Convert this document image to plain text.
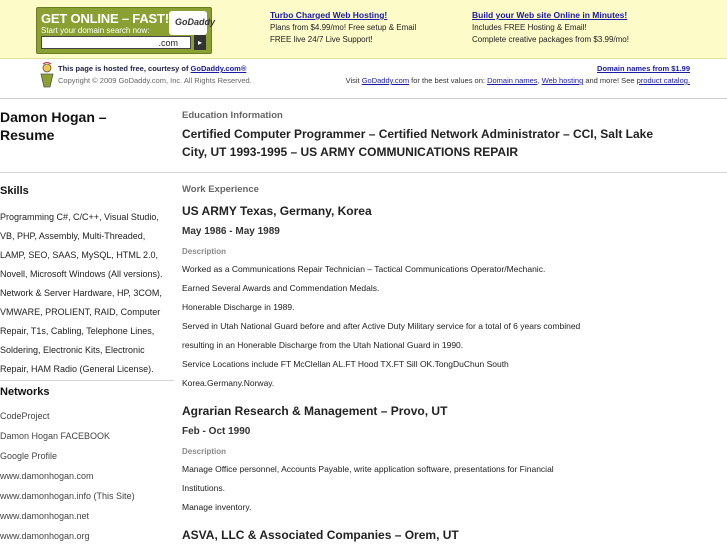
GET ONLINE – FAST!
Start your domain search now:
GoDaddy
.com	▸
Turbo Charged Web Hosting!
Plans from $4.99/mo! Free setup & Email
FREE live 24/7 Live Support!
Build your Web site Online in Minutes!
Includes FREE Hosting & Email!
Complete creative packages from $3.99/mo!
This page is hosted free, courtesy of GoDaddy.com®
Copyright © 2009 GoDaddy.com, Inc. All Rights Reserved.
Domain names from $1.99
Visit GoDaddy.com for the best values on: Domain names, Web hosting and more! See product catalog.
Damon Hogan –
Resume
Skills
Programming C#, C/C++, Visual Studio,
VB, PHP, Assembly, Multi-Threaded,
LAMP, SEO, SAAS, MySQL, HTML 2.0,
Novell, Microsoft Windows (All versions).
Network & Server Hardware, HP, 3COM,
VMWARE, PROLIENT, RAID, Computer
Repair, T1s, Cabling, Telephone Lines,
Soldering, Electronic Kits, Electronic
Repair, HAM Radio (General License).
Networks
CodeProject
Damon Hogan FACEBOOK
Google Profile
www.damonhogan.com
www.damonhogan.info (This Site)
www.damonhogan.net
www.damonhogan.org
Education Information
Certified Computer Programmer – Certified Network Administrator – CCI, Salt Lake
City, UT 1993-1995 – US ARMY COMMUNICATIONS REPAIR
Work Experience
US ARMY Texas, Germany, Korea
May 1986 - May 1989
Description
Worked as a Communications Repair Technician – Tactical Communications Operator/Mechanic.
Earned Several Awards and Commendation Medals.
Honerable Discharge in 1989.
Served in Utah National Guard before and after Active Duty Military service for a total of 6 years combined
resulting in an Honerable Discharge from the Utah National Guard in 1990.
Service Locations include FT McClellan AL.FT Hood TX.FT Sill OK.TongDuChun South
Korea.Germany.Norway.
Agrarian Research & Management – Provo, UT
Feb - Oct 1990
Description
Manage Office personnel, Accounts Payable, write application software, presentations for Financial
Institutions.
Manage inventory.
ASVA, LLC & Associated Companies – Orem, UT
